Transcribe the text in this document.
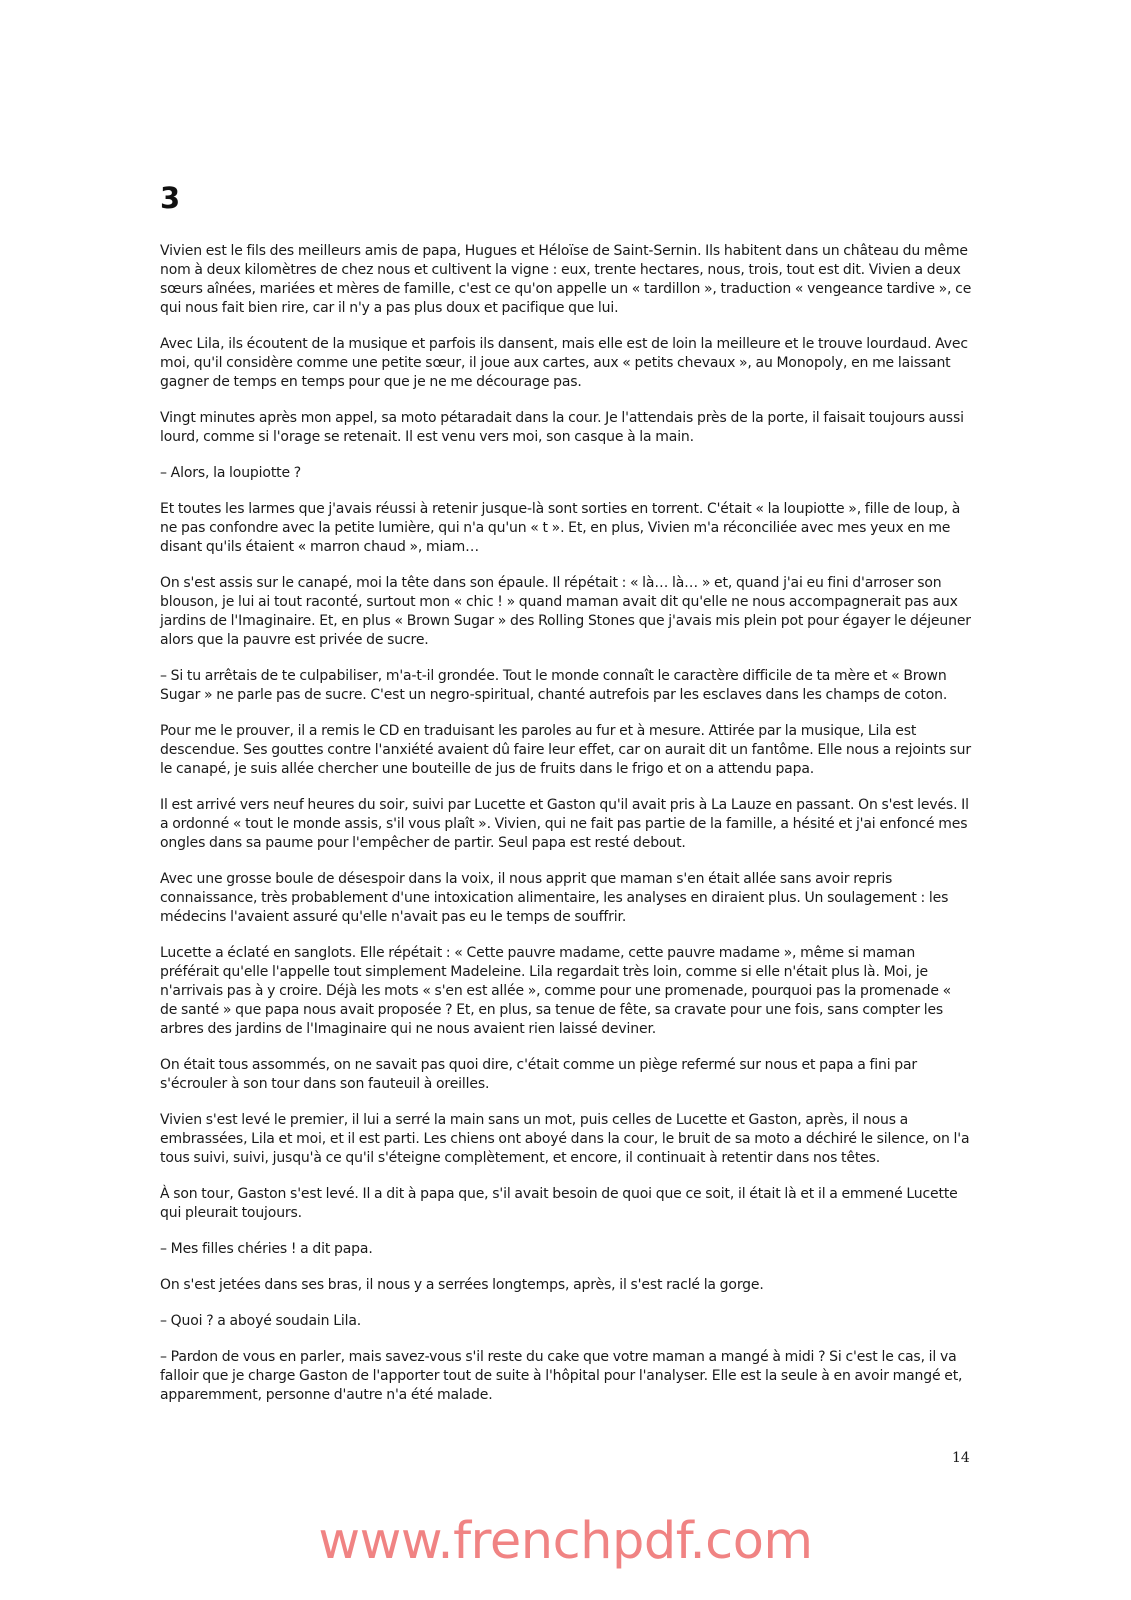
3

Vivien est le fils des meilleurs amis de papa, Hugues et Héloïse de Saint-Sernin. Ils habitent dans un château du même nom à deux kilomètres de chez nous et cultivent la vigne : eux, trente hectares, nous, trois, tout est dit. Vivien a deux sœurs aînées, mariées et mères de famille, c'est ce qu'on appelle un « tardillon », traduction « vengeance tardive », ce qui nous fait bien rire, car il n'y a pas plus doux et pacifique que lui.

Avec Lila, ils écoutent de la musique et parfois ils dansent, mais elle est de loin la meilleure et le trouve lourdaud. Avec moi, qu'il considère comme une petite sœur, il joue aux cartes, aux « petits chevaux », au Monopoly, en me laissant gagner de temps en temps pour que je ne me décourage pas.

Vingt minutes après mon appel, sa moto pétaradait dans la cour. Je l'attendais près de la porte, il faisait toujours aussi lourd, comme si l'orage se retenait. Il est venu vers moi, son casque à la main.

– Alors, la loupiotte ?

Et toutes les larmes que j'avais réussi à retenir jusque-là sont sorties en torrent. C'était « la loupiotte », fille de loup, à ne pas confondre avec la petite lumière, qui n'a qu'un « t ». Et, en plus, Vivien m'a réconciliée avec mes yeux en me disant qu'ils étaient « marron chaud », miam…

On s'est assis sur le canapé, moi la tête dans son épaule. Il répétait : « là… là… » et, quand j'ai eu fini d'arroser son blouson, je lui ai tout raconté, surtout mon « chic ! » quand maman avait dit qu'elle ne nous accompagnerait pas aux jardins de l'Imaginaire. Et, en plus « Brown Sugar » des Rolling Stones que j'avais mis plein pot pour égayer le déjeuner alors que la pauvre est privée de sucre.

– Si tu arrêtais de te culpabiliser, m'a-t-il grondée. Tout le monde connaît le caractère difficile de ta mère et « Brown Sugar » ne parle pas de sucre. C'est un negro-spiritual, chanté autrefois par les esclaves dans les champs de coton.

Pour me le prouver, il a remis le CD en traduisant les paroles au fur et à mesure. Attirée par la musique, Lila est descendue. Ses gouttes contre l'anxiété avaient dû faire leur effet, car on aurait dit un fantôme. Elle nous a rejoints sur le canapé, je suis allée chercher une bouteille de jus de fruits dans le frigo et on a attendu papa.

Il est arrivé vers neuf heures du soir, suivi par Lucette et Gaston qu'il avait pris à La Lauze en passant. On s'est levés. Il a ordonné « tout le monde assis, s'il vous plaît ». Vivien, qui ne fait pas partie de la famille, a hésité et j'ai enfoncé mes ongles dans sa paume pour l'empêcher de partir. Seul papa est resté debout.

Avec une grosse boule de désespoir dans la voix, il nous apprit que maman s'en était allée sans avoir repris connaissance, très probablement d'une intoxication alimentaire, les analyses en diraient plus. Un soulagement : les médecins l'avaient assuré qu'elle n'avait pas eu le temps de souffrir.

Lucette a éclaté en sanglots. Elle répétait : « Cette pauvre madame, cette pauvre madame », même si maman préférait qu'elle l'appelle tout simplement Madeleine. Lila regardait très loin, comme si elle n'était plus là. Moi, je n'arrivais pas à y croire. Déjà les mots « s'en est allée », comme pour une promenade, pourquoi pas la promenade « de santé » que papa nous avait proposée ? Et, en plus, sa tenue de fête, sa cravate pour une fois, sans compter les arbres des jardins de l'Imaginaire qui ne nous avaient rien laissé deviner.

On était tous assommés, on ne savait pas quoi dire, c'était comme un piège refermé sur nous et papa a fini par s'écrouler à son tour dans son fauteuil à oreilles.

Vivien s'est levé le premier, il lui a serré la main sans un mot, puis celles de Lucette et Gaston, après, il nous a embrassées, Lila et moi, et il est parti. Les chiens ont aboyé dans la cour, le bruit de sa moto a déchiré le silence, on l'a tous suivi, suivi, jusqu'à ce qu'il s'éteigne complètement, et encore, il continuait à retentir dans nos têtes.

À son tour, Gaston s'est levé. Il a dit à papa que, s'il avait besoin de quoi que ce soit, il était là et il a emmené Lucette qui pleurait toujours.

– Mes filles chéries ! a dit papa.

On s'est jetées dans ses bras, il nous y a serrées longtemps, après, il s'est raclé la gorge.

– Quoi ? a aboyé soudain Lila.

– Pardon de vous en parler, mais savez-vous s'il reste du cake que votre maman a mangé à midi ? Si c'est le cas, il va falloir que je charge Gaston de l'apporter tout de suite à l'hôpital pour l'analyser. Elle est la seule à en avoir mangé et, apparemment, personne d'autre n'a été malade.

14
www.frenchpdf.com
